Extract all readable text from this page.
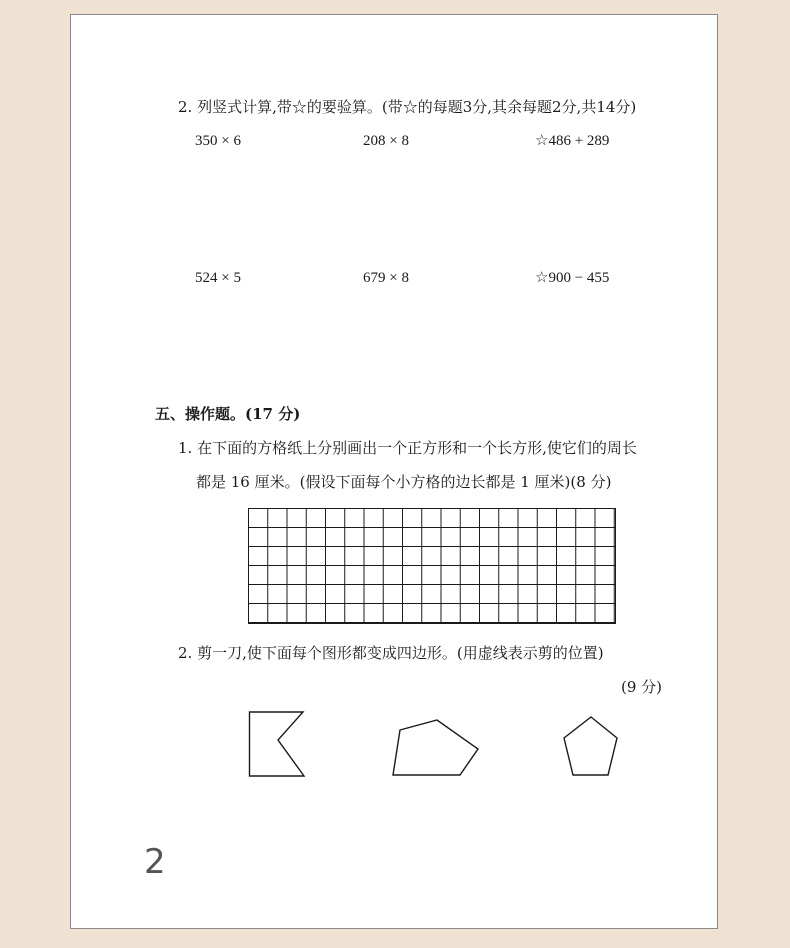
2. 列竖式计算,带☆的要验算。(带☆的每题3分,其余每题2分,共14分)
350 × 6	208 × 8	☆486 + 289
524 × 5	679 × 8	☆900 − 455
五、操作题。(17 分)
1. 在下面的方格纸上分别画出一个正方形和一个长方形,使它们的周长
都是 16 厘米。(假设下面每个小方格的边长都是 1 厘米)(8 分)
2. 剪一刀,使下面每个图形都变成四边形。(用虚线表示剪的位置)
(9 分)
2
